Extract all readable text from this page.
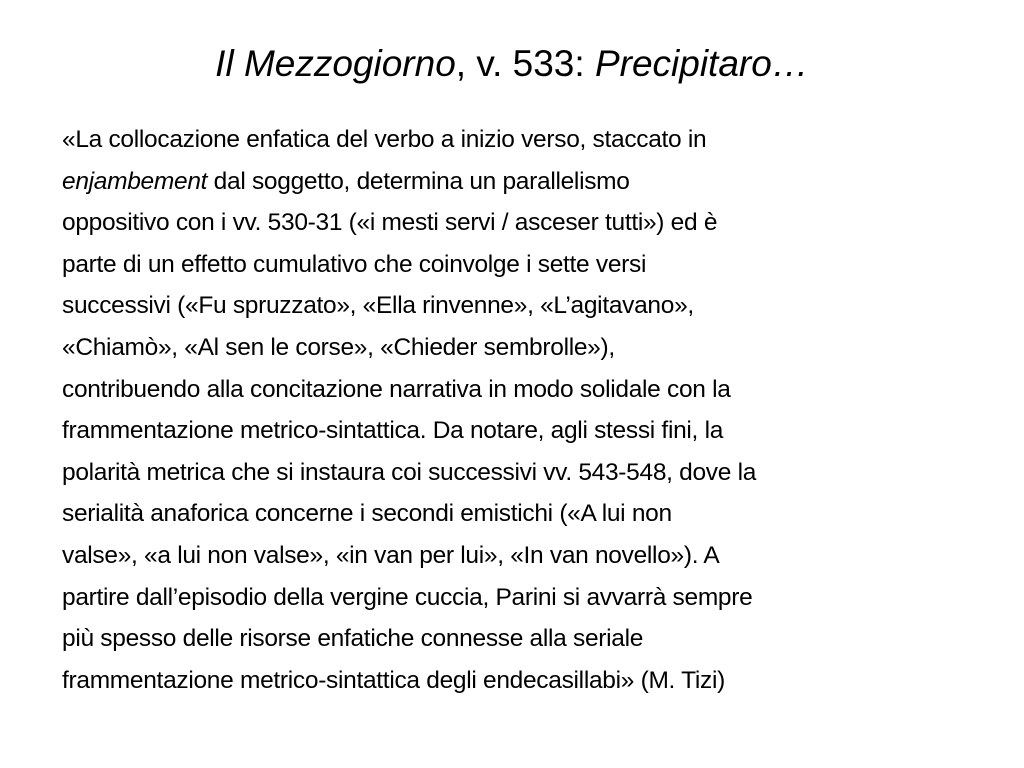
Il Mezzogiorno, v. 533: Precipitaro…
«La collocazione enfatica del verbo a inizio verso, staccato in
enjambement dal soggetto, determina un parallelismo
oppositivo con i vv. 530-31 («i mesti servi / asceser tutti») ed è
parte di un effetto cumulativo che coinvolge i sette versi
successivi («Fu spruzzato», «Ella rinvenne», «L’agitavano»,
«Chiamò», «Al sen le corse», «Chieder sembrolle»),
contribuendo alla concitazione narrativa in modo solidale con la
frammentazione metrico-sintattica. Da notare, agli stessi fini, la
polarità metrica che si instaura coi successivi vv. 543-548, dove la
serialità anaforica concerne i secondi emistichi («A lui non
valse», «a lui non valse», «in van per lui», «In van novello»). A
partire dall’episodio della vergine cuccia, Parini si avvarrà sempre
più spesso delle risorse enfatiche connesse alla seriale
frammentazione metrico-sintattica degli endecasillabi» (M. Tizi)
